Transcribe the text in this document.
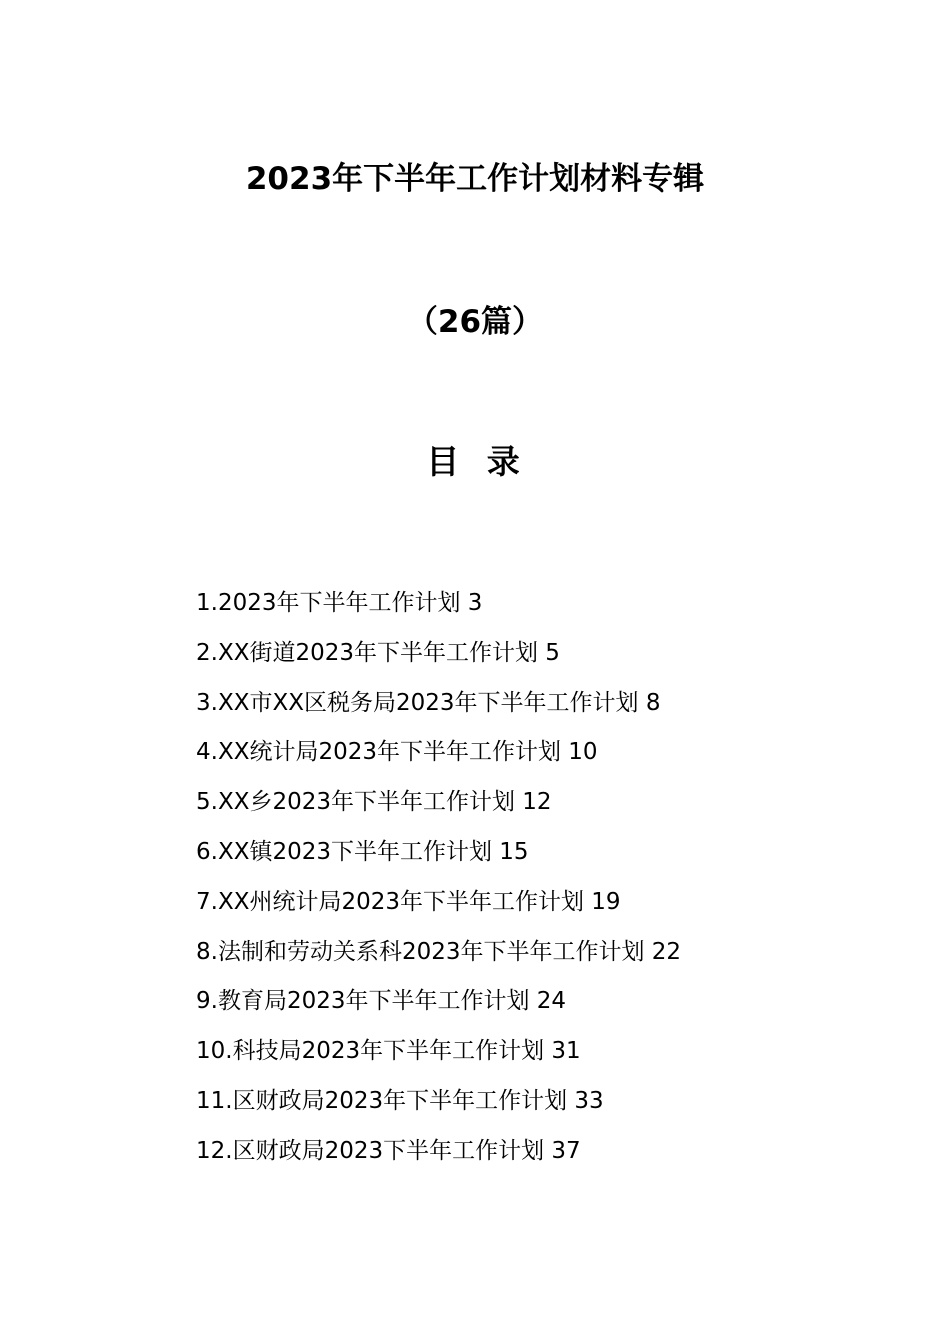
2023年下半年工作计划材料专辑
（26篇）
目 录
1.2023年下半年工作计划 3
2.XX街道2023年下半年工作计划 5
3.XX市XX区税务局2023年下半年工作计划 8
4.XX统计局2023年下半年工作计划 10
5.XX乡2023年下半年工作计划 12
6.XX镇2023下半年工作计划 15
7.XX州统计局2023年下半年工作计划 19
8.法制和劳动关系科2023年下半年工作计划 22
9.教育局2023年下半年工作计划 24
10.科技局2023年下半年工作计划 31
11.区财政局2023年下半年工作计划 33
12.区财政局2023下半年工作计划 37
